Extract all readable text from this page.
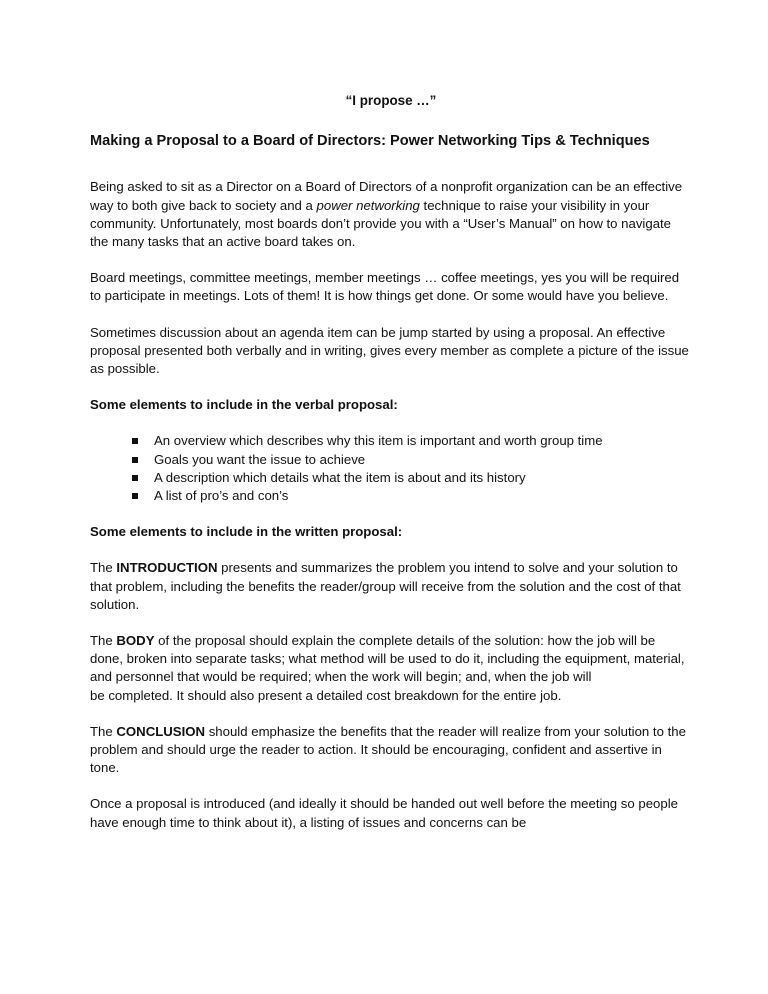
“I propose …”
Making a Proposal to a Board of Directors: Power Networking Tips & Techniques

Being asked to sit as a Director on a Board of Directors of a nonprofit organization can be an effective way to both give back to society and a power networking technique to raise your visibility in your community. Unfortunately, most boards don’t provide you with a “User’s Manual” on how to navigate the many tasks that an active board takes on.

Board meetings, committee meetings, member meetings … coffee meetings, yes you will be required to participate in meetings. Lots of them! It is how things get done. Or some would have you believe.

Sometimes discussion about an agenda item can be jump started by using a proposal. An effective proposal presented both verbally and in writing, gives every member as complete a picture of the issue as possible.

Some elements to include in the verbal proposal:
An overview which describes why this item is important and worth group time
Goals you want the issue to achieve
A description which details what the item is about and its history
A list of pro’s and con’s
Some elements to include in the written proposal:

The INTRODUCTION presents and summarizes the problem you intend to solve and your solution to that problem, including the benefits the reader/group will receive from the solution and the cost of that solution.

The BODY of the proposal should explain the complete details of the solution: how the job will be done, broken into separate tasks; what method will be used to do it, including the equipment, material, and personnel that would be required; when the work will begin; and, when the job will
be completed. It should also present a detailed cost breakdown for the entire job.

The CONCLUSION should emphasize the benefits that the reader will realize from your solution to the problem and should urge the reader to action. It should be encouraging, confident and assertive in tone.

Once a proposal is introduced (and ideally it should be handed out well before the meeting so people have enough time to think about it), a listing of issues and concerns can be
